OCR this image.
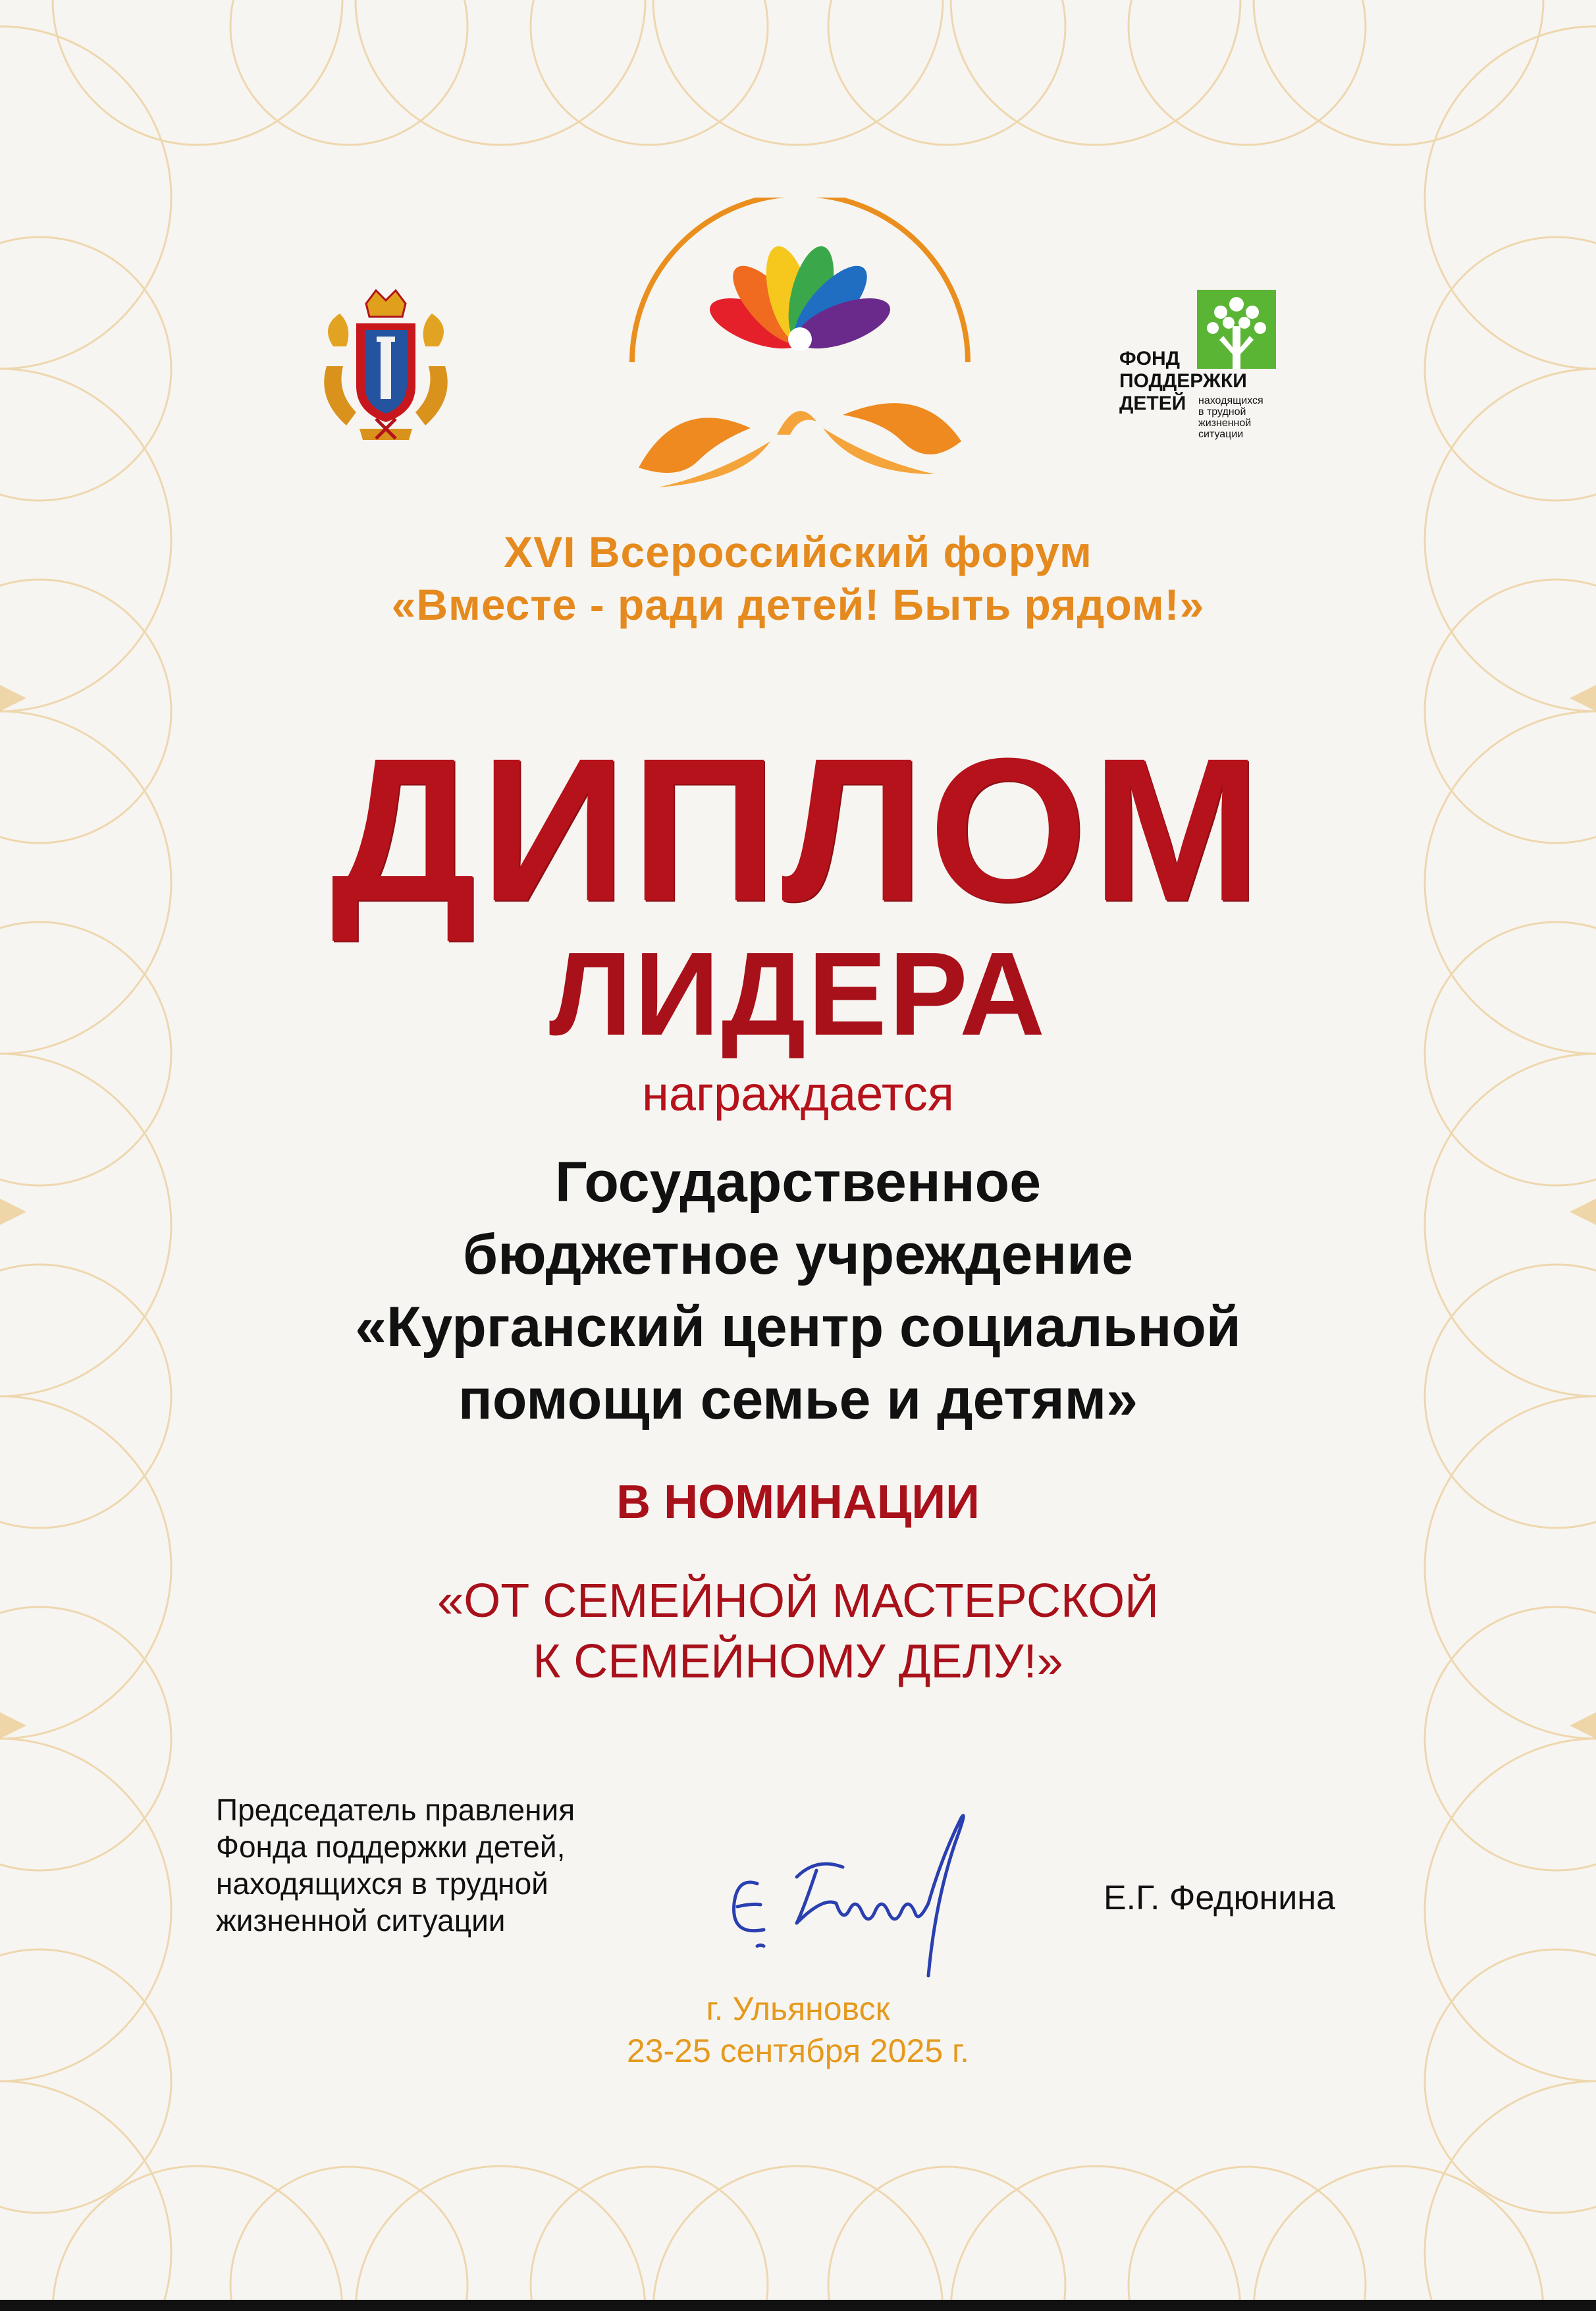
ФОНД
ПОДДЕРЖКИ
ДЕТЕЙ находящихся
в трудной
жизненной
ситуации
XVI Всероссийский форум
«Вместе - ради детей! Быть рядом!»
ДИПЛОМ
ЛИДЕРА
награждается
Государственное
бюджетное учреждение
«Курганский центр социальной
помощи семье и детям»
В НОМИНАЦИИ
«ОТ СЕМЕЙНОЙ МАСТЕРСКОЙ
К СЕМЕЙНОМУ ДЕЛУ!»
Председатель правления
Фонда поддержки детей,
находящихся в трудной
жизненной ситуации
Е.Г. Федюнина
г. Ульяновск
23-25 сентября 2025 г.
